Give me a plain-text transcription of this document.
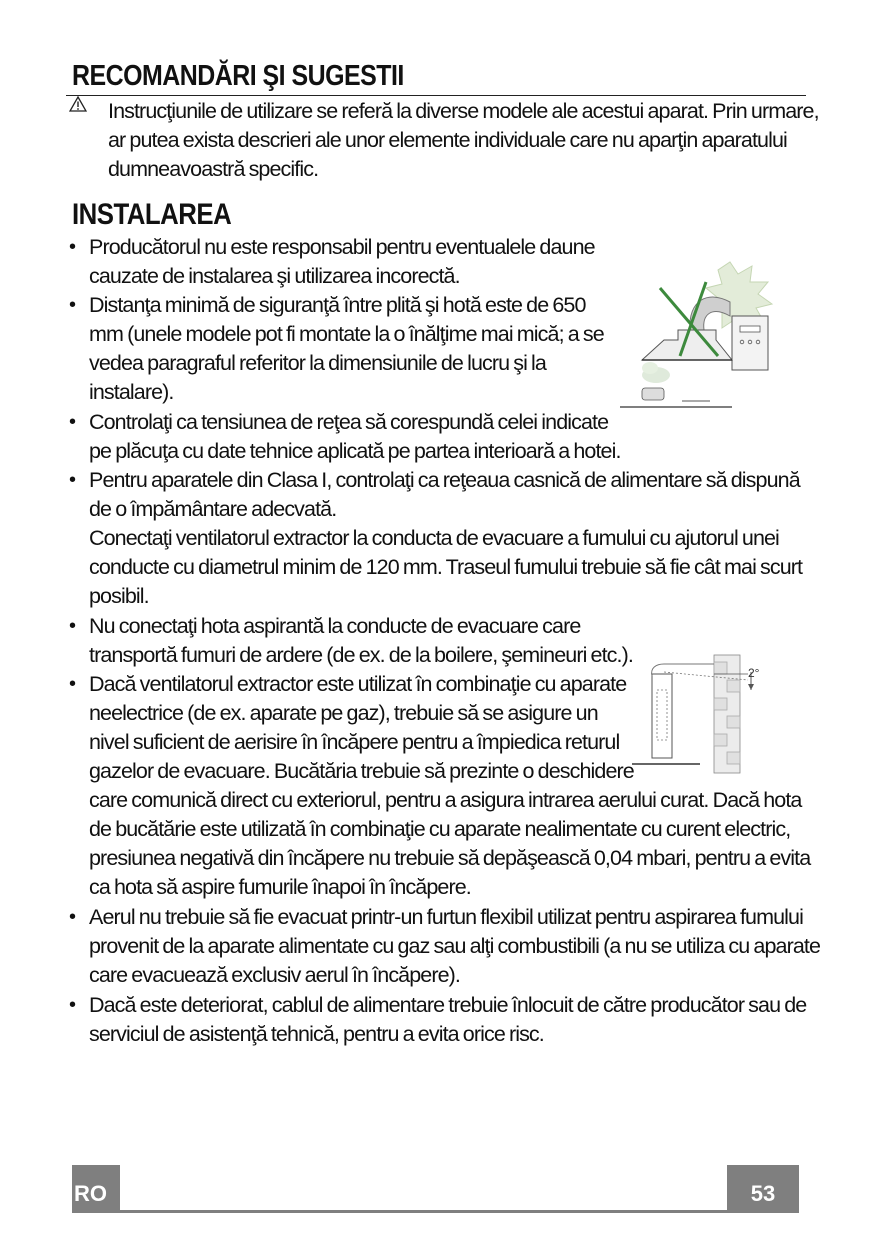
RECOMANDĂRI ŞI SUGESTII

Instrucţiunile de utilizare se referă la diverse modele ale acestui aparat. Prin urmare,

ar putea exista descrieri ale unor elemente individuale care nu aparţin aparatului

dumneavoastră specific.

INSTALAREA
• Producătorul nu este responsabil pentru eventualele daune

cauzate de instalarea şi utilizarea incorectă.

• Distanţa minimă de siguranţă între plită şi hotă este de 650

mm (unele modele pot fi montate la o înălţime mai mică; a se

vedea paragraful referitor la dimensiunile de lucru şi la

instalare).

• Controlaţi ca tensiunea de reţea să corespundă celei indicate

pe plăcuţa cu date tehnice aplicată pe partea interioară a hotei.

• Pentru aparatele din Clasa I, controlaţi ca reţeaua casnică de alimentare să dispună

de o împământare adecvată.

Conectaţi ventilatorul extractor la conducta de evacuare a fumului cu ajutorul unei

conducte cu diametrul minim de 120 mm. Traseul fumului trebuie să fie cât mai scurt

posibil.

• Nu conectaţi hota aspirantă la conducte de evacuare care

transportă fumuri de ardere (de ex. de la boilere, şemineuri etc.).

• Dacă ventilatorul extractor este utilizat în combinaţie cu aparate

neelectrice (de ex. aparate pe gaz), trebuie să se asigure un

nivel suficient de aerisire în încăpere pentru a împiedica returul

gazelor de evacuare. Bucătăria trebuie să prezinte o deschidere

care comunică direct cu exteriorul, pentru a asigura intrarea aerului curat. Dacă hota

de bucătărie este utilizată în combinaţie cu aparate nealimentate cu curent electric,

presiunea negativă din încăpere nu trebuie să depăşească 0,04 mbari, pentru a evita

ca hota să aspire fumurile înapoi în încăpere.

• Aerul nu trebuie să fie evacuat printr-un furtun flexibil utilizat pentru aspirarea fumului

provenit de la aparate alimentate cu gaz sau alţi combustibili (a nu se utiliza cu aparate

care evacuează exclusiv aerul în încăpere).

• Dacă este deteriorat, cablul de alimentare trebuie înlocuit de către producător sau de

serviciul de asistenţă tehnică, pentru a evita orice risc.

2°
RO	53
